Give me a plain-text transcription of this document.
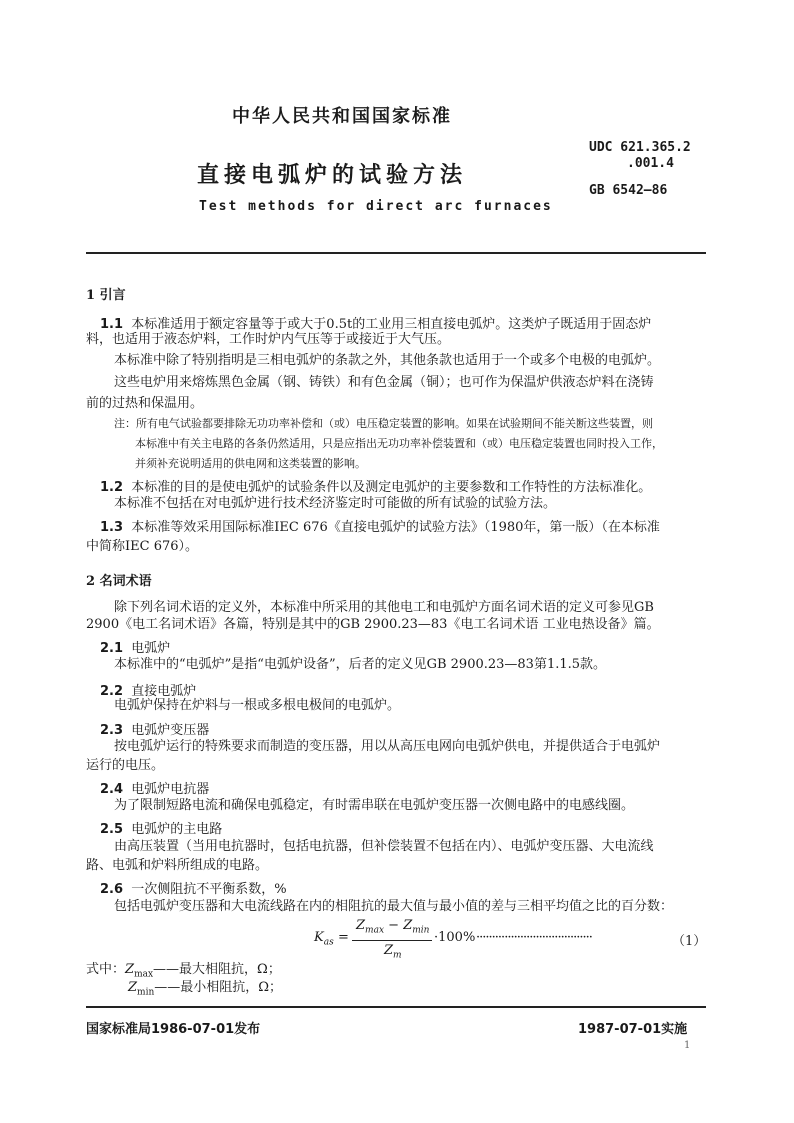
中华人民共和国国家标准
UDC 621.365.2
.001.4
直接电弧炉的试验方法
GB 6542—86
Test methods for direct arc furnaces
1 引言
1.1 本标准适用于额定容量等于或大于0.5t的工业用三相直接电弧炉。这类炉子既适用于固态炉
料，也适用于液态炉料，工作时炉内气压等于或接近于大气压。
本标准中除了特别指明是三相电弧炉的条款之外，其他条款也适用于一个或多个电极的电弧炉。
这些电炉用来熔炼黑色金属（钢、铸铁）和有色金属（铜）；也可作为保温炉供液态炉料在浇铸
前的过热和保温用。
注：所有电气试验都要排除无功功率补偿和（或）电压稳定装置的影响。如果在试验期间不能关断这些装置，则
本标准中有关主电路的各条仍然适用，只是应指出无功功率补偿装置和（或）电压稳定装置也同时投入工作，
并须补充说明适用的供电网和这类装置的影响。
1.2 本标准的目的是使电弧炉的试验条件以及测定电弧炉的主要参数和工作特性的方法标准化。
本标准不包括在对电弧炉进行技术经济鉴定时可能做的所有试验的试验方法。
1.3 本标准等效采用国际标准IEC 676《直接电弧炉的试验方法》（1980年，第一版）（在本标准
中简称IEC 676）。
2 名词术语
除下列名词术语的定义外，本标准中所采用的其他电工和电弧炉方面名词术语的定义可参见GB
2900《电工名词术语》各篇，特别是其中的GB 2900.23—83《电工名词术语 工业电热设备》篇。
2.1 电弧炉
本标准中的“电弧炉”是指“电弧炉设备”，后者的定义见GB 2900.23—83第1.1.5款。
2.2 直接电弧炉
电弧炉保持在炉料与一根或多根电极间的电弧炉。
2.3 电弧炉变压器
按电弧炉运行的特殊要求而制造的变压器，用以从高压电网向电弧炉供电，并提供适合于电弧炉
运行的电压。
2.4 电弧炉电抗器
为了限制短路电流和确保电弧稳定，有时需串联在电弧炉变压器一次侧电路中的电感线圈。
2.5 电弧炉的主电路
由高压装置（当用电抗器时，包括电抗器，但补偿装置不包括在内）、电弧炉变压器、大电流线
路、电弧和炉料所组成的电路。
2.6 一次侧阻抗不平衡系数，%
包括电弧炉变压器和大电流线路在内的相阻抗的最大值与最小值的差与三相平均值之比的百分数：
$K_{as}$ =
$Z_{max} - Z_{min}$
$Z_m$
·100% ·····································	（1）
式中：$Z_{max}——$最大相阻抗，Ω；
$Z_{min}——$最小相阻抗，Ω；
国家标准局1986-07-01发布	1987-07-01实施
1
